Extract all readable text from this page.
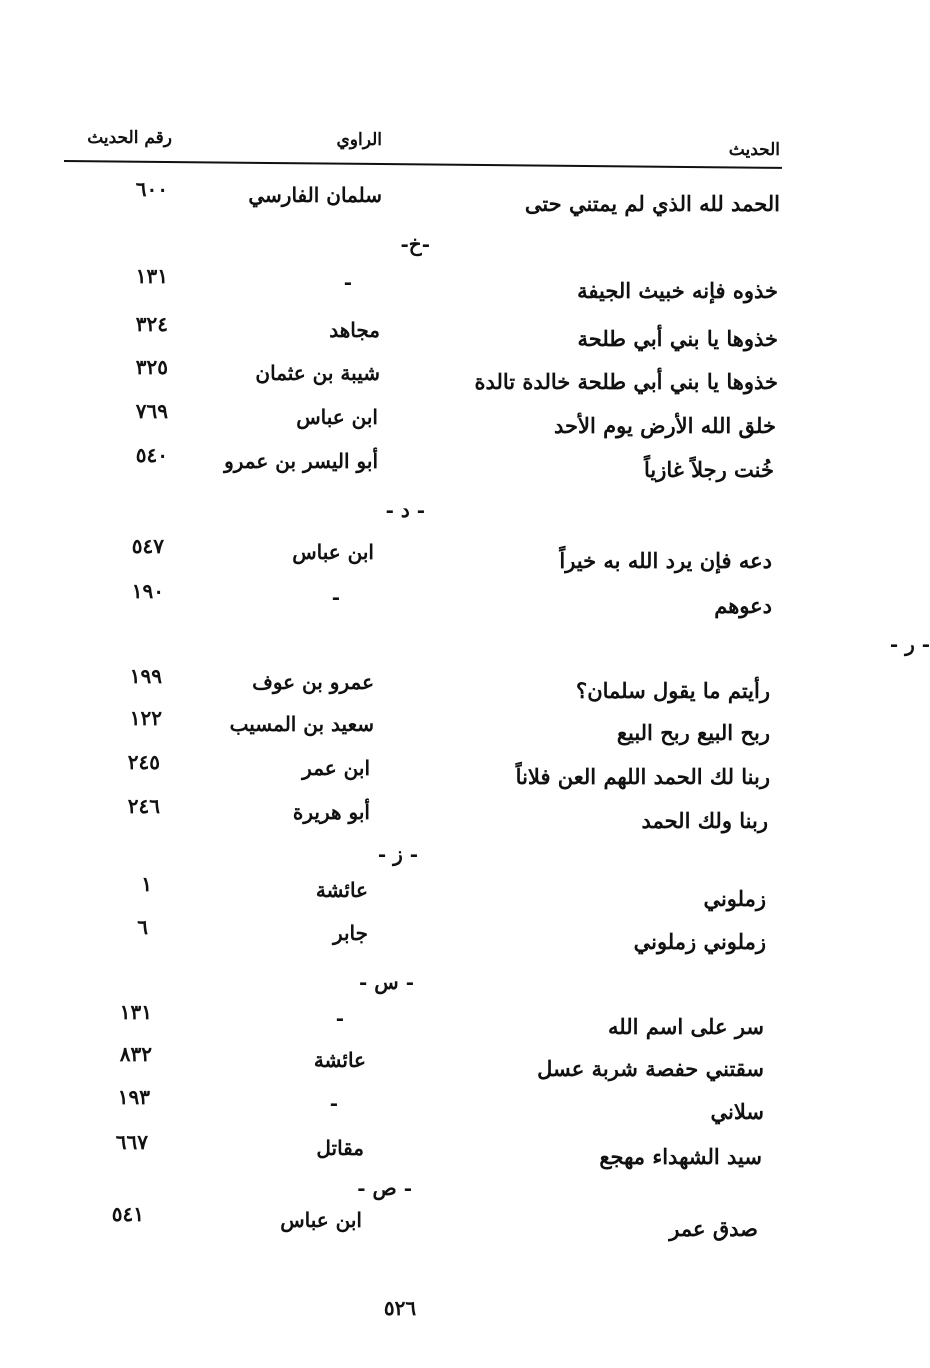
الحديث
الراوي
رقم الحديث
الحمد لله الذي لم يمتني حتى
سلمان الفارسي
٦٠٠
-خ-
خذوه فإنه خبيث الجيفة
-
١٣١
خذوها يا بني أبي طلحة
مجاهد
٣٢٤
خذوها يا بني أبي طلحة خالدة تالدة
شيبة بن عثمان
٣٢٥
خلق الله الأرض يوم الأحد
ابن عباس
٧٦٩
خُنت رجلاً غازياً
أبو اليسر بن عمرو
٥٤٠
- د -
دعه فإن يرد الله به خيراً
ابن عباس
٥٤٧
دعوهم
-
١٩٠
- ر -
رأيتم ما يقول سلمان؟
عمرو بن عوف
١٩٩
ربح البيع ربح البيع
سعيد بن المسيب
١٢٢
ربنا لك الحمد اللهم العن فلاناً
ابن عمر
٢٤٥
ربنا ولك الحمد
أبو هريرة
٢٤٦
- ز -
زملوني
عائشة
١
زملوني زملوني
جابر
٦
- س -
سر على اسم الله
-
١٣١
سقتني حفصة شربة عسل
عائشة
٨٣٢
سلاني
-
١٩٣
سيد الشهداء مهجع
مقاتل
٦٦٧
- ص -
صدق عمر
ابن عباس
٥٤١
٥٢٦
